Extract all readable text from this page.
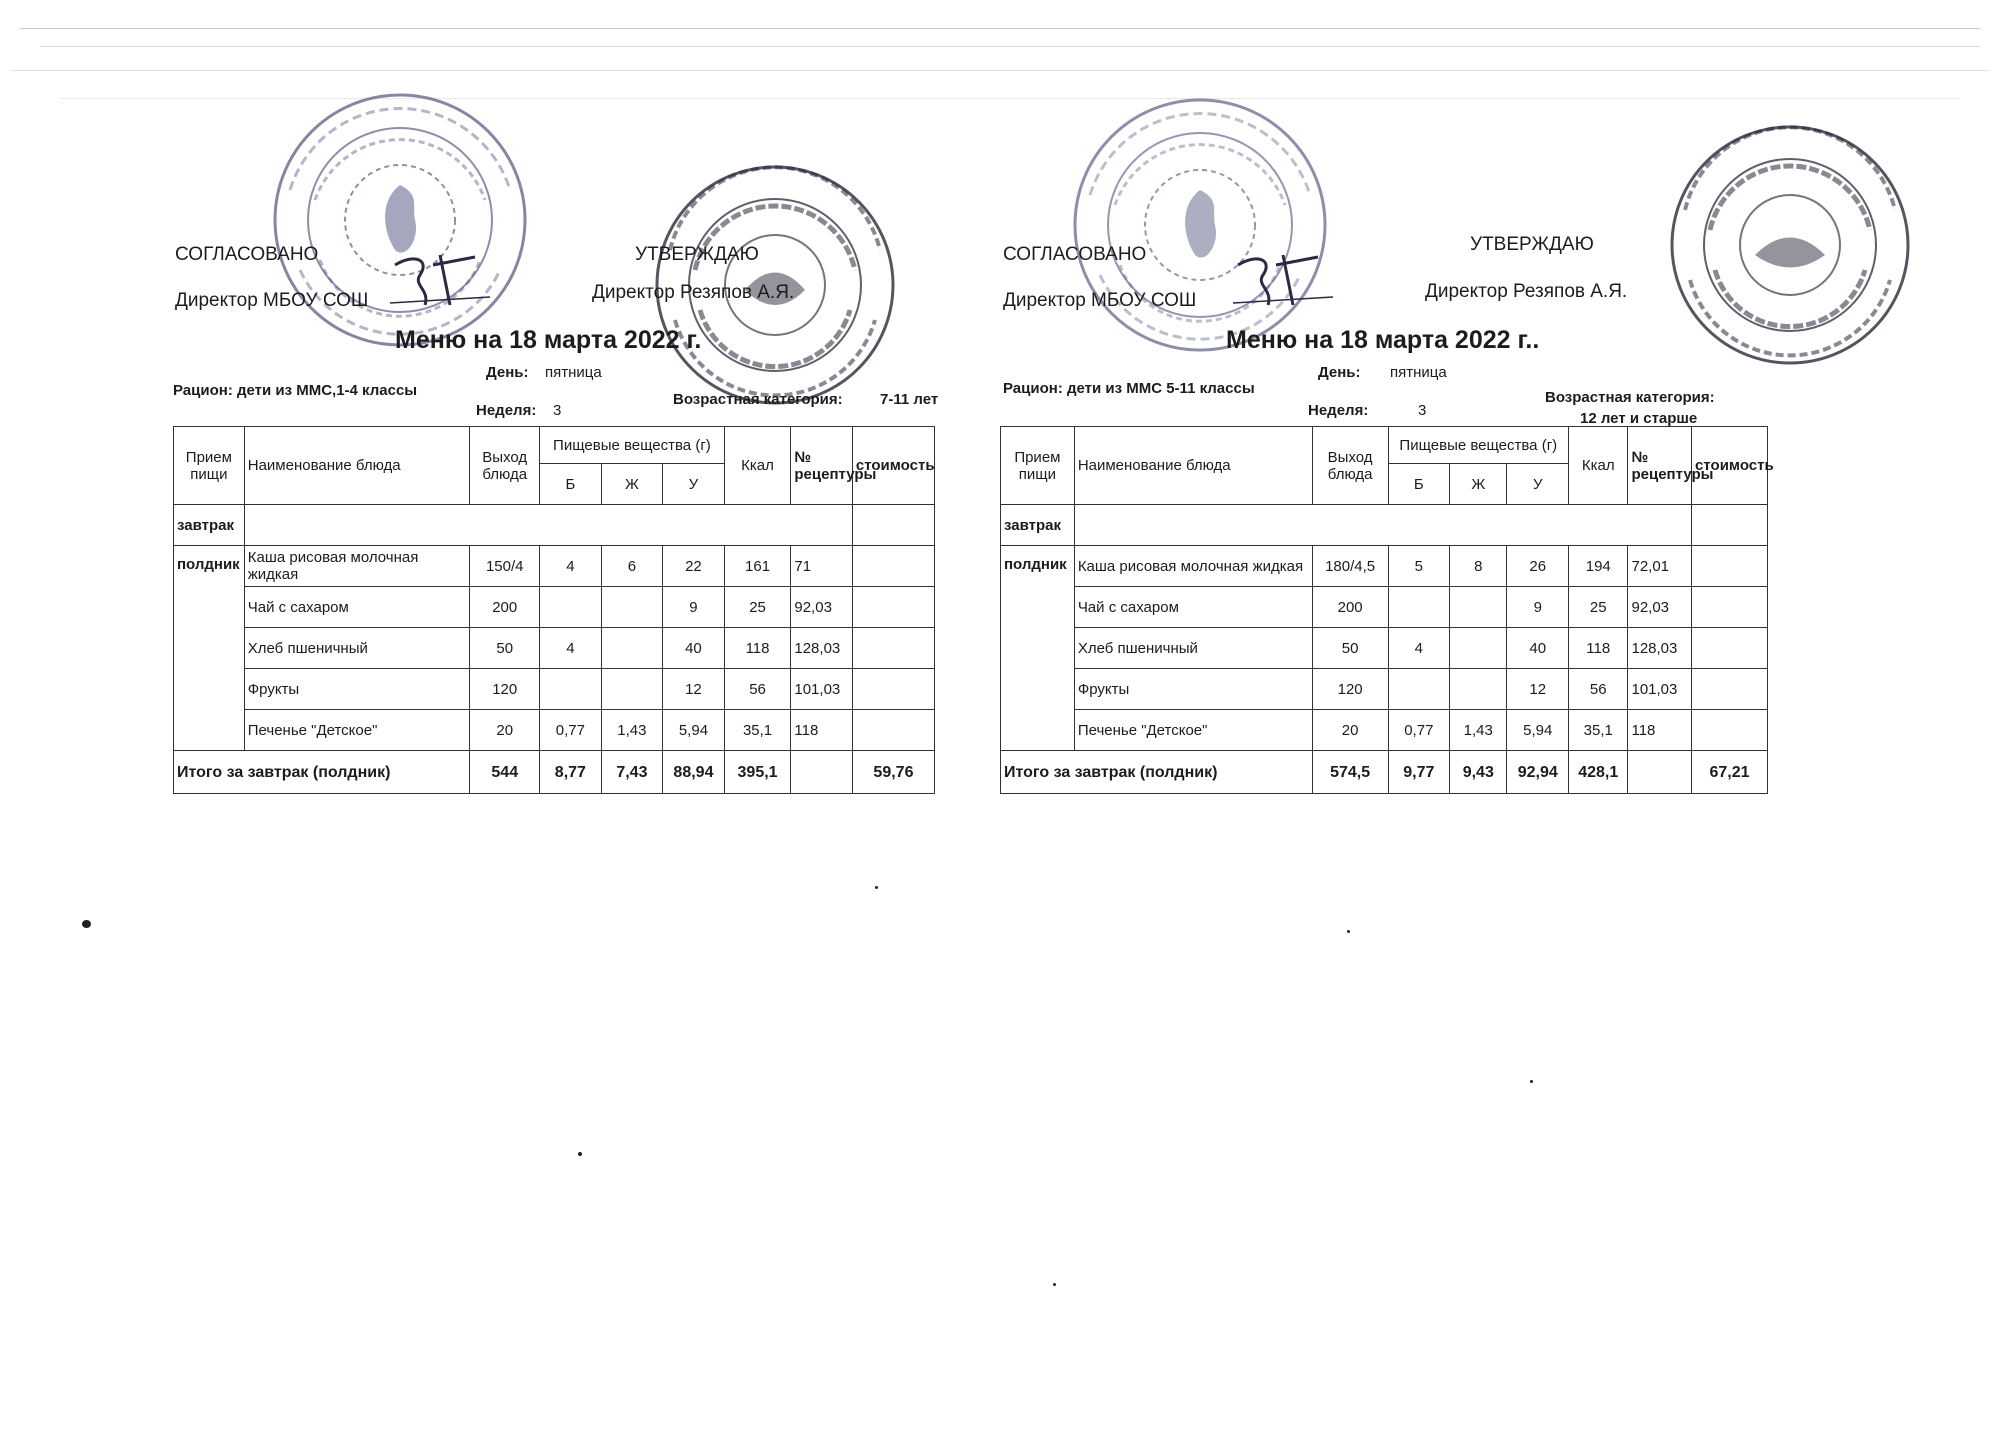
СОГЛАСОВАНО
Директор МБОУ СОШ
УТВЕРЖДАЮ
Директор Резяпов А.Я.
Меню на 18 марта 2022 г.
Рацион: дети из ММС,1-4 классы
День: пятница
Неделя: 3
Возрастная категория: 7-11 лет
Прием пищи	Наименование блюда	Выход блюда	Пищевые вещества (г)			Ккал	№ рецептуры	стоимость
			Б	Ж	У			
завтрак								
полдник	Каша рисовая молочная жидкая	150/4	4	6	22	161	71	
	Чай с сахаром	200			9	25	92,03	
	Хлеб пшеничный	50	4		40	118	128,03	
	Фрукты	120			12	56	101,03	
	Печенье "Детское"	20	0,77	1,43	5,94	35,1	118	
Итого за завтрак (полдник)		544	8,77	7,43	88,94	395,1		59,76
СОГЛАСОВАНО
Директор МБОУ СОШ
УТВЕРЖДАЮ
Директор Резяпов А.Я.
Меню на 18 марта 2022 г..
Рацион: дети из ММС 5-11 классы
День: пятница
Неделя:	3
Возрастная категория:
12 лет и старше
Прием пищи	Наименование блюда	Выход блюда	Пищевые вещества (г)			Ккал	№ рецептуры	стоимость
			Б	Ж	У			
завтрак								
полдник	Каша рисовая молочная жидкая	180/4,5	5	8	26	194	72,01	
	Чай с сахаром	200			9	25	92,03	
	Хлеб пшеничный	50	4		40	118	128,03	
	Фрукты	120			12	56	101,03	
	Печенье "Детское"	20	0,77	1,43	5,94	35,1	118	
Итого за завтрак (полдник)		574,5	9,77	9,43	92,94	428,1		67,21
